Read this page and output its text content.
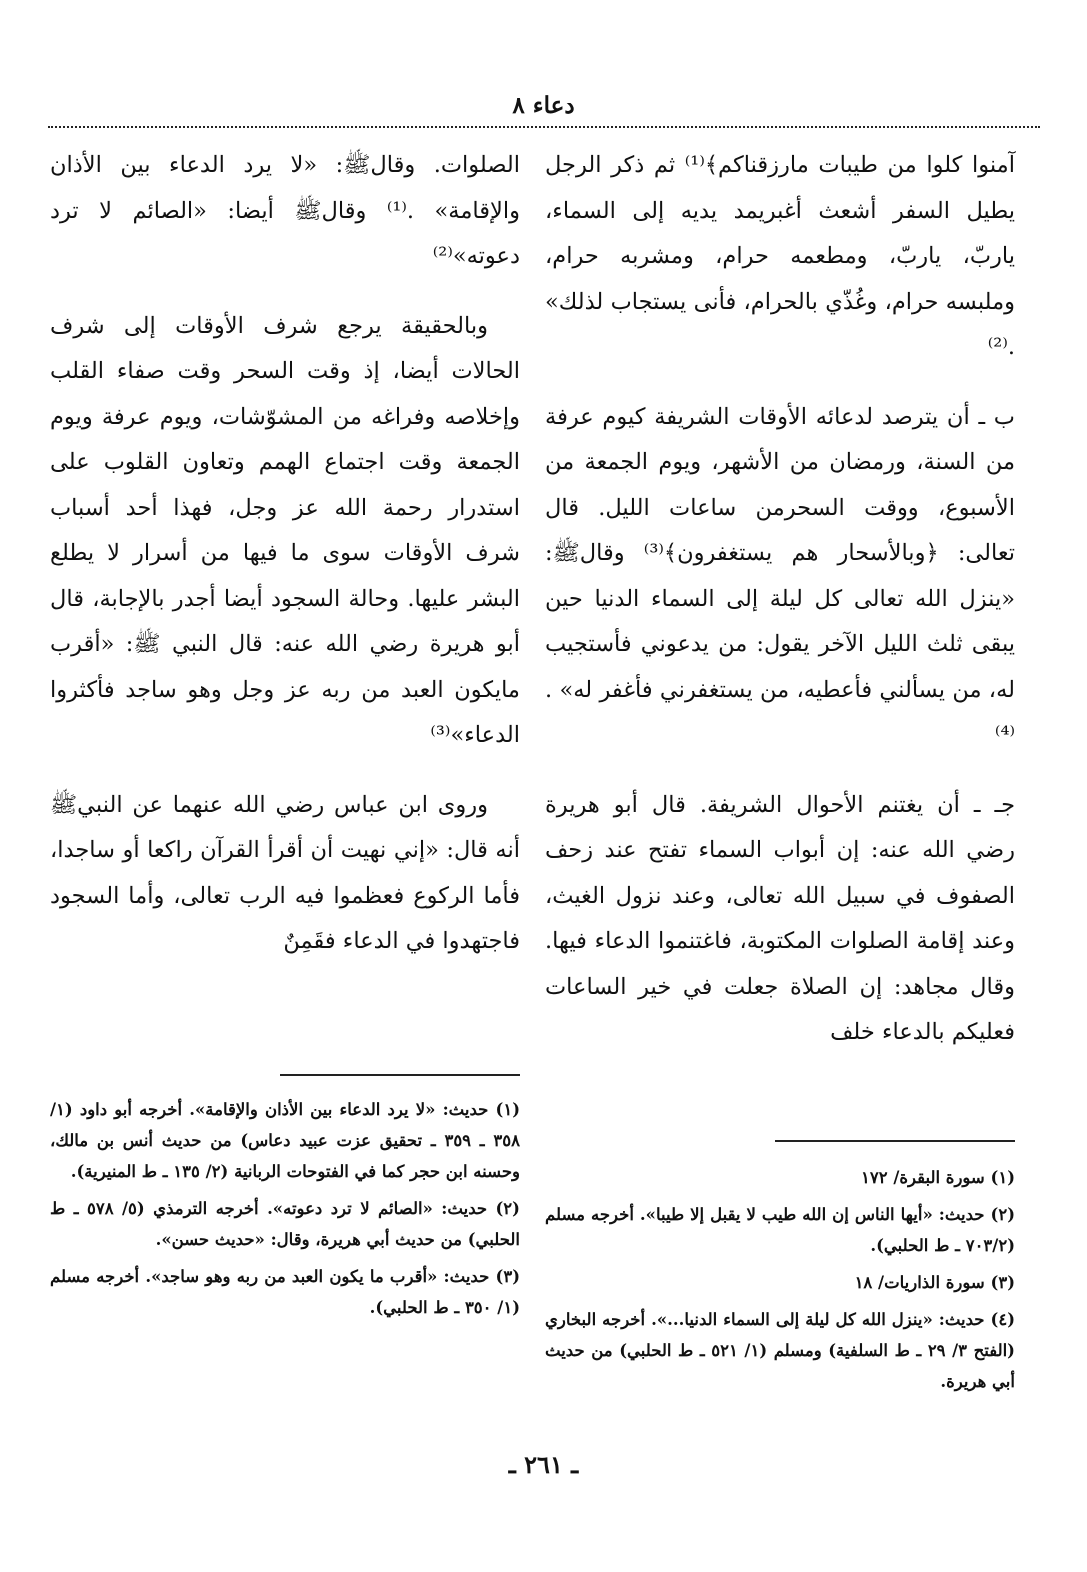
دعاء ٨

آمنوا كلوا من طيبات مارزقناكم﴾⁽¹⁾ ثم ذكر الرجل يطيل السفر أشعث أغبريمد يديه إلى السماء، ياربّ، ياربّ، ومطعمه حرام، ومشربه حرام، وملبسه حرام، وغُذّي بالحرام، فأنى يستجاب لذلك» .⁽²⁾

ب ـ أن يترصد لدعائه الأوقات الشريفة كيوم عرفة من السنة، ورمضان من الأشهر، ويوم الجمعة من الأسبوع، ووقت السحرمن ساعات الليل. قال تعالى: ﴿وبالأسحار هم يستغفرون﴾⁽³⁾ وقالﷺ: «ينزل الله تعالى كل ليلة إلى السماء الدنيا حين يبقى ثلث الليل الآخر يقول: من يدعوني فأستجيب له، من يسألني فأعطيه، من يستغفرني فأغفر له» .⁽⁴⁾

جـ ـ أن يغتنم الأحوال الشريفة. قال أبو هريرة رضي الله عنه: إن أبواب السماء تفتح عند زحف الصفوف في سبيل الله تعالى، وعند نزول الغيث، وعند إقامة الصلوات المكتوبة، فاغتنموا الدعاء فيها. وقال مجاهد: إن الصلاة جعلت في خير الساعات فعليكم بالدعاء خلف

الصلوات. وقالﷺ: «لا يرد الدعاء بين الأذان والإقامة» .⁽¹⁾ وقالﷺ أيضا: «الصائم لا ترد دعوته»⁽²⁾

وبالحقيقة يرجع شرف الأوقات إلى شرف الحالات أيضا، إذ وقت السحر وقت صفاء القلب وإخلاصه وفراغه من المشوّشات، ويوم عرفة ويوم الجمعة وقت اجتماع الهمم وتعاون القلوب على استدرار رحمة الله عز وجل، فهذا أحد أسباب شرف الأوقات سوى ما فيها من أسرار لا يطلع البشر عليها. وحالة السجود أيضا أجدر بالإجابة، قال أبو هريرة رضي الله عنه: قال النبي ﷺ: «أقرب مايكون العبد من ربه عز وجل وهو ساجد فأكثروا الدعاء»⁽³⁾

وروى ابن عباس رضي الله عنهما عن النبيﷺ أنه قال: «إني نهيت أن أقرأ القرآن راكعا أو ساجدا، فأما الركوع فعظموا فيه الرب تعالى، وأما السجود فاجتهدوا في الدعاء فقَمِنٌ

(١) سورة البقرة/ ١٧٢

(٢) حديث: «أيها الناس إن الله طيب لا يقبل إلا طيبا». أخرجه مسلم (٧٠٣/٢ ـ ط الحلبي).

(٣) سورة الذاريات/ ١٨

(٤) حديث: «ينزل الله كل ليلة إلى السماء الدنيا...». أخرجه البخاري (الفتح ٣/ ٢٩ ـ ط السلفية) ومسلم (١/ ٥٢١ ـ ط الحلبي) من حديث أبي هريرة.

(١) حديث: «لا يرد الدعاء بين الأذان والإقامة». أخرجه أبو داود (١/ ٣٥٨ ـ ٣٥٩ ـ تحقيق عزت عبيد دعاس) من حديث أنس بن مالك، وحسنه ابن حجر كما في الفتوحات الربانية (٢/ ١٣٥ ـ ط المنيرية).

(٢) حديث: «الصائم لا ترد دعوته». أخرجه الترمذي (٥/ ٥٧٨ ـ ط الحلبي) من حديث أبي هريرة، وقال: «حديث حسن».

(٣) حديث: «أقرب ما يكون العبد من ربه وهو ساجد». أخرجه مسلم (١/ ٣٥٠ ـ ط الحلبي).

ـ ٢٦١ ـ
